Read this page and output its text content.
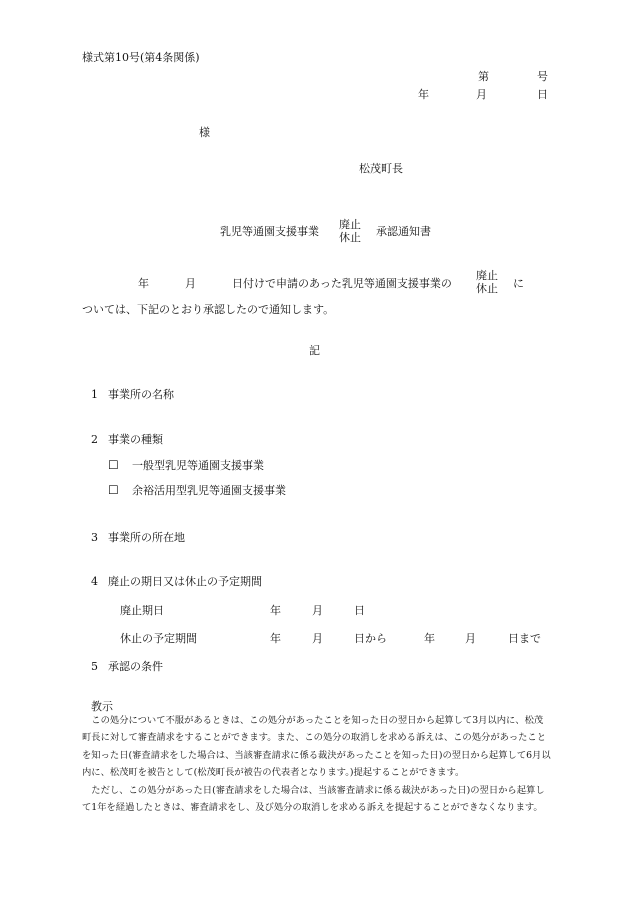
様式第10号(第4条関係)
第	号
年	月	日
様
松茂町長
乳児等通園支援事業
廃止
休止	承認通知書
年	月	日付けで申請のあった乳児等通園支援事業の
廃止
休止	に
ついては、下記のとおり承認したので通知します。
記
1 事業所の名称
2 事業の種類
☐ 一般型乳児等通園支援事業
☐ 余裕活用型乳児等通園支援事業
3 事業所の所在地
4 廃止の期日又は休止の予定期間
廃止期日	年	月	日
休止の予定期間	年	月	日から	年	月	日まで
5 承認の条件
教示

この処分について不服があるときは、この処分があったことを知った日の翌日から起算して3月以内に、松茂町長に対して審査請求をすることができます。また、この処分の取消しを求める訴えは、この処分があったことを知った日(審査請求をした場合は、当該審査請求に係る裁決があったことを知った日)の翌日から起算して6月以内に、松茂町を被告として(松茂町長が被告の代表者となります。)提起することができます。

ただし、この処分があった日(審査請求をした場合は、当該審査請求に係る裁決があった日)の翌日から起算して1年を経過したときは、審査請求をし、及び処分の取消しを求める訴えを提起することができなくなります。
